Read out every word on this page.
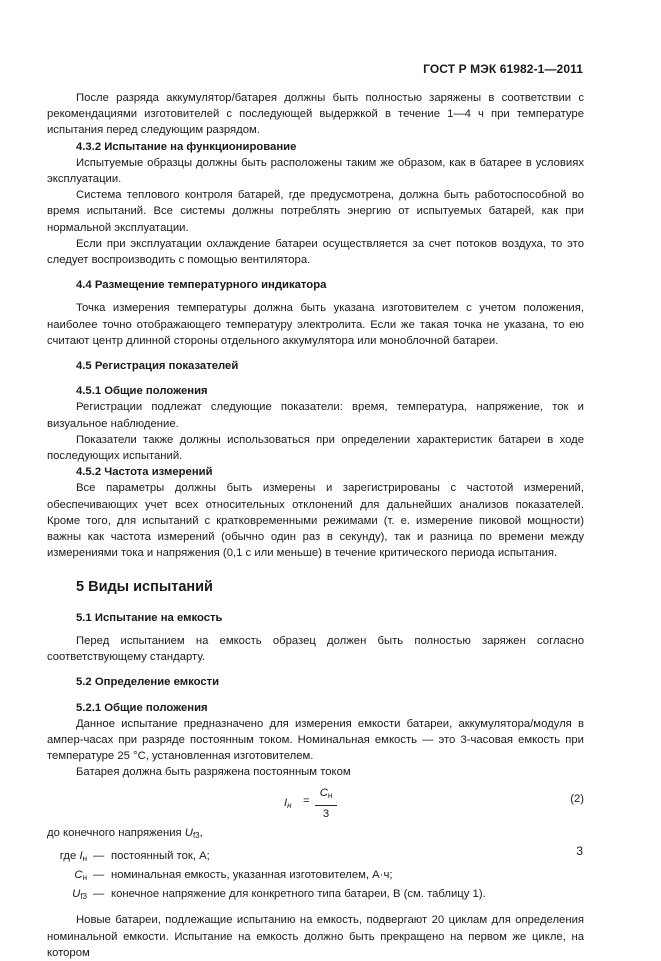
ГОСТ Р МЭК 61982-1—2011

После разряда аккумулятор/батарея должны быть полностью заряжены в соответствии с рекомендациями изготовителей с последующей выдержкой в течение 1—4 ч при температуре испытания перед следующим разрядом.

4.3.2 Испытание на функционирование

Испытуемые образцы должны быть расположены таким же образом, как в батарее в условиях эксплуатации.

Система теплового контроля батарей, где предусмотрена, должна быть работоспособной во время испытаний. Все системы должны потреблять энергию от испытуемых батарей, как при нормальной эксплуатации.

Если при эксплуатации охлаждение батареи осуществляется за счет потоков воздуха, то это следует воспроизводить с помощью вентилятора.

4.4 Размещение температурного индикатора

Точка измерения температуры должна быть указана изготовителем с учетом положения, наиболее точно отображающего температуру электролита. Если же такая точка не указана, то ею считают центр длинной стороны отдельного аккумулятора или моноблочной батареи.

4.5 Регистрация показателей
4.5.1 Общие положения

Регистрации подлежат следующие показатели: время, температура, напряжение, ток и визуальное наблюдение.

Показатели также должны использоваться при определении характеристик батареи в ходе последующих испытаний.

4.5.2 Частота измерений

Все параметры должны быть измерены и зарегистрированы с частотой измерений, обеспечивающих учет всех относительных отклонений для дальнейших анализов показателей. Кроме того, для испытаний с кратковременными режимами (т. е. измерение пиковой мощности) важны как частота измерений (обычно один раз в секунду), так и разница по времени между измерениями тока и напряжения (0,1 с или меньше) в течение критического периода испытания.

5 Виды испытаний
5.1 Испытание на емкость

Перед испытанием на емкость образец должен быть полностью заряжен согласно соответствующему стандарту.

5.2 Определение емкости
5.2.1 Общие положения

Данное испытание предназначено для измерения емкости батареи, аккумулятора/модуля в ампер-часах при разряде постоянным током. Номинальная емкость — это 3-часовая емкость при температуре 25 °С, установленная изготовителем.

Батарея должна быть разряжена постоянным током

$I_н$ =
$C_н$
3
(2)

до конечного напряжения $U_{f3}$,

где $I_н$ — постоянный ток, А;
$C_н$ — номинальная емкость, указанная изготовителем, А·ч;
$U_{f3}$ — конечное напряжение для конкретного типа батареи, В (см. таблицу 1).

Новые батареи, подлежащие испытанию на емкость, подвергают 20 циклам для определения номинальной емкости. Испытание на емкость должно быть прекращено на первом же цикле, на котором

3
